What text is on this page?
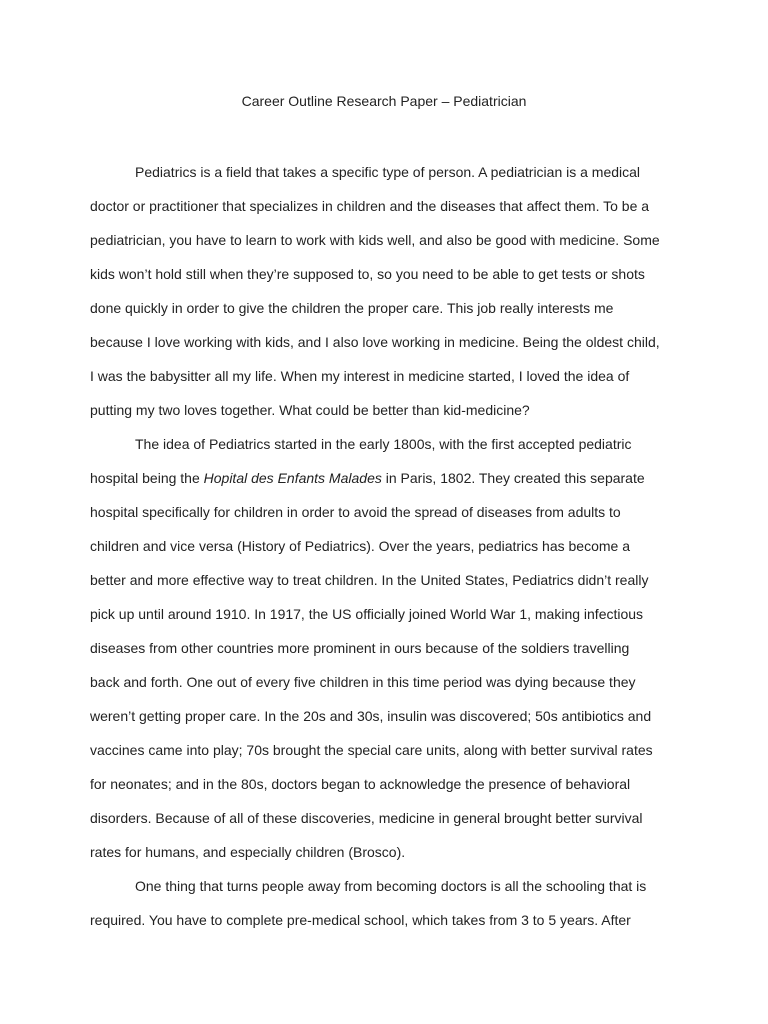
Career Outline Research Paper – Pediatrician
Pediatrics is a field that takes a specific type of person. A pediatrician is a medical
doctor or practitioner that specializes in children and the diseases that affect them. To be a
pediatrician, you have to learn to work with kids well, and also be good with medicine. Some
kids won’t hold still when they’re supposed to, so you need to be able to get tests or shots
done quickly in order to give the children the proper care. This job really interests me
because I love working with kids, and I also love working in medicine. Being the oldest child,
I was the babysitter all my life. When my interest in medicine started, I loved the idea of
putting my two loves together. What could be better than kid-medicine?
The idea of Pediatrics started in the early 1800s, with the first accepted pediatric
hospital being the Hopital des Enfants Malades in Paris, 1802. They created this separate
hospital specifically for children in order to avoid the spread of diseases from adults to
children and vice versa (History of Pediatrics). Over the years, pediatrics has become a
better and more effective way to treat children. In the United States, Pediatrics didn’t really
pick up until around 1910. In 1917, the US officially joined World War 1, making infectious
diseases from other countries more prominent in ours because of the soldiers travelling
back and forth. One out of every five children in this time period was dying because they
weren’t getting proper care. In the 20s and 30s, insulin was discovered; 50s antibiotics and
vaccines came into play; 70s brought the special care units, along with better survival rates
for neonates; and in the 80s, doctors began to acknowledge the presence of behavioral
disorders. Because of all of these discoveries, medicine in general brought better survival
rates for humans, and especially children (Brosco).
One thing that turns people away from becoming doctors is all the schooling that is
required. You have to complete pre-medical school, which takes from 3 to 5 years. After
